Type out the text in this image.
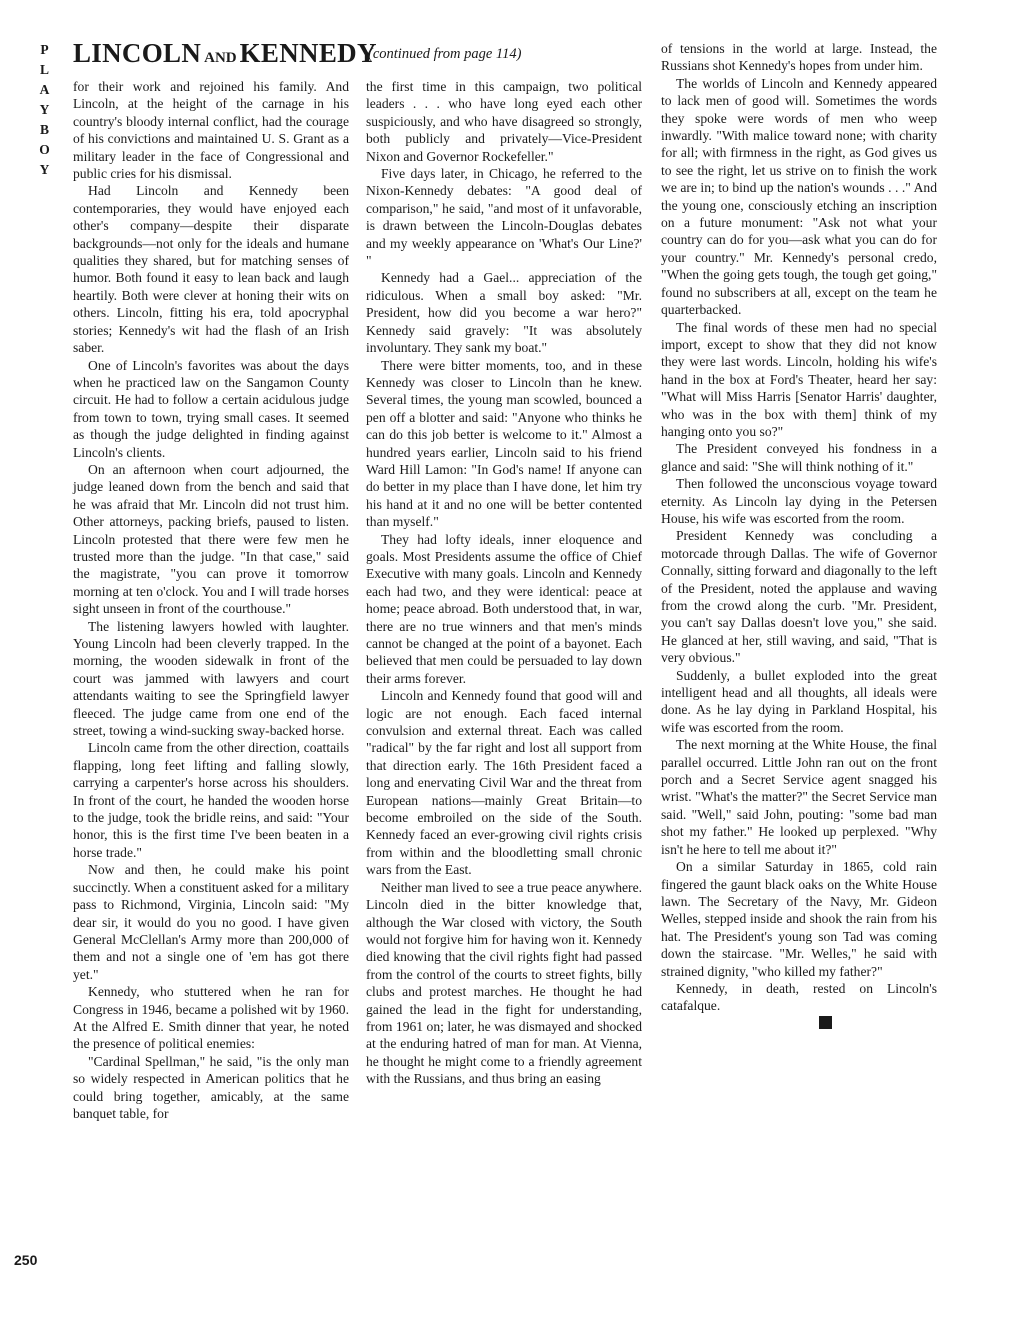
P
L
A
Y
B
O
Y
250
LINCOLN AND KENNEDY
(continued from page 114)

for their work and rejoined his family. And Lincoln, at the height of the carnage in his country's bloody internal conflict, had the courage of his convictions and maintained U. S. Grant as a military leader in the face of Congressional and public cries for his dismissal.

Had Lincoln and Kennedy been contemporaries, they would have enjoyed each other's company—despite their disparate backgrounds—not only for the ideals and humane qualities they shared, but for matching senses of humor. Both found it easy to lean back and laugh heartily. Both were clever at honing their wits on others. Lincoln, fitting his era, told apocryphal stories; Kennedy's wit had the flash of an Irish saber.

One of Lincoln's favorites was about the days when he practiced law on the Sangamon County circuit. He had to follow a certain acidulous judge from town to town, trying small cases. It seemed as though the judge delighted in finding against Lincoln's clients.

On an afternoon when court adjourned, the judge leaned down from the bench and said that he was afraid that Mr. Lincoln did not trust him. Other attorneys, packing briefs, paused to listen. Lincoln protested that there were few men he trusted more than the judge. "In that case," said the magistrate, "you can prove it tomorrow morning at ten o'clock. You and I will trade horses sight unseen in front of the courthouse."

The listening lawyers howled with laughter. Young Lincoln had been cleverly trapped. In the morning, the wooden sidewalk in front of the court was jammed with lawyers and court attendants waiting to see the Springfield lawyer fleeced. The judge came from one end of the street, towing a wind-sucking sway-backed horse.

Lincoln came from the other direction, coattails flapping, long feet lifting and falling slowly, carrying a carpenter's horse across his shoulders. In front of the court, he handed the wooden horse to the judge, took the bridle reins, and said: "Your honor, this is the first time I've been beaten in a horse trade."

Now and then, he could make his point succinctly. When a constituent asked for a military pass to Richmond, Virginia, Lincoln said: "My dear sir, it would do you no good. I have given General McClellan's Army more than 200,000 of them and not a single one of 'em has got there yet."

Kennedy, who stuttered when he ran for Congress in 1946, became a polished wit by 1960. At the Alfred E. Smith dinner that year, he noted the presence of political enemies:

"Cardinal Spellman," he said, "is the only man so widely respected in American politics that he could bring together, amicably, at the same banquet table, for

the first time in this campaign, two political leaders . . . who have long eyed each other suspiciously, and who have disagreed so strongly, both publicly and privately—Vice-President Nixon and Governor Rockefeller."

Five days later, in Chicago, he referred to the Nixon-Kennedy debates: "A good deal of comparison," he said, "and most of it unfavorable, is drawn between the Lincoln-Douglas debates and my weekly appearance on 'What's Our Line?' "

Kennedy had a Gael... appreciation of the ridiculous. When a small boy asked: "Mr. President, how did you become a war hero?" Kennedy said gravely: "It was absolutely involuntary. They sank my boat."

There were bitter moments, too, and in these Kennedy was closer to Lincoln than he knew. Several times, the young man scowled, bounced a pen off a blotter and said: "Anyone who thinks he can do this job better is welcome to it." Almost a hundred years earlier, Lincoln said to his friend Ward Hill Lamon: "In God's name! If anyone can do better in my place than I have done, let him try his hand at it and no one will be better contented than myself."

They had lofty ideals, inner eloquence and goals. Most Presidents assume the office of Chief Executive with many goals. Lincoln and Kennedy each had two, and they were identical: peace at home; peace abroad. Both understood that, in war, there are no true winners and that men's minds cannot be changed at the point of a bayonet. Each believed that men could be persuaded to lay down their arms forever.

Lincoln and Kennedy found that good will and logic are not enough. Each faced internal convulsion and external threat. Each was called "radical" by the far right and lost all support from that direction early. The 16th President faced a long and enervating Civil War and the threat from European nations—mainly Great Britain—to become embroiled on the side of the South. Kennedy faced an ever-growing civil rights crisis from within and the bloodletting small chronic wars from the East.

Neither man lived to see a true peace anywhere. Lincoln died in the bitter knowledge that, although the War closed with victory, the South would not forgive him for having won it. Kennedy died knowing that the civil rights fight had passed from the control of the courts to street fights, billy clubs and protest marches. He thought he had gained the lead in the fight for understanding, from 1961 on; later, he was dismayed and shocked at the enduring hatred of man for man. At Vienna, he thought he might come to a friendly agreement with the Russians, and thus bring an easing

of tensions in the world at large. Instead, the Russians shot Kennedy's hopes from under him.

The worlds of Lincoln and Kennedy appeared to lack men of good will. Sometimes the words they spoke were words of men who weep inwardly. "With malice toward none; with charity for all; with firmness in the right, as God gives us to see the right, let us strive on to finish the work we are in; to bind up the nation's wounds . . ." And the young one, consciously etching an inscription on a future monument: "Ask not what your country can do for you—ask what you can do for your country." Mr. Kennedy's personal credo, "When the going gets tough, the tough get going," found no subscribers at all, except on the team he quarterbacked.

The final words of these men had no special import, except to show that they did not know they were last words. Lincoln, holding his wife's hand in the box at Ford's Theater, heard her say: "What will Miss Harris [Senator Harris' daughter, who was in the box with them] think of my hanging onto you so?"

The President conveyed his fondness in a glance and said: "She will think nothing of it."

Then followed the unconscious voyage toward eternity. As Lincoln lay dying in the Petersen House, his wife was escorted from the room.

President Kennedy was concluding a motorcade through Dallas. The wife of Governor Connally, sitting forward and diagonally to the left of the President, noted the applause and waving from the crowd along the curb. "Mr. President, you can't say Dallas doesn't love you," she said. He glanced at her, still waving, and said, "That is very obvious."

Suddenly, a bullet exploded into the great intelligent head and all thoughts, all ideals were done. As he lay dying in Parkland Hospital, his wife was escorted from the room.

The next morning at the White House, the final parallel occurred. Little John ran out on the front porch and a Secret Service agent snagged his wrist. "What's the matter?" the Secret Service man said. "Well," said John, pouting: "some bad man shot my father." He looked up perplexed. "Why isn't he here to tell me about it?"

On a similar Saturday in 1865, cold rain fingered the gaunt black oaks on the White House lawn. The Secretary of the Navy, Mr. Gideon Welles, stepped inside and shook the rain from his hat. The President's young son Tad was coming down the staircase. "Mr. Welles," he said with strained dignity, "who killed my father?"

Kennedy, in death, rested on Lincoln's catafalque.
